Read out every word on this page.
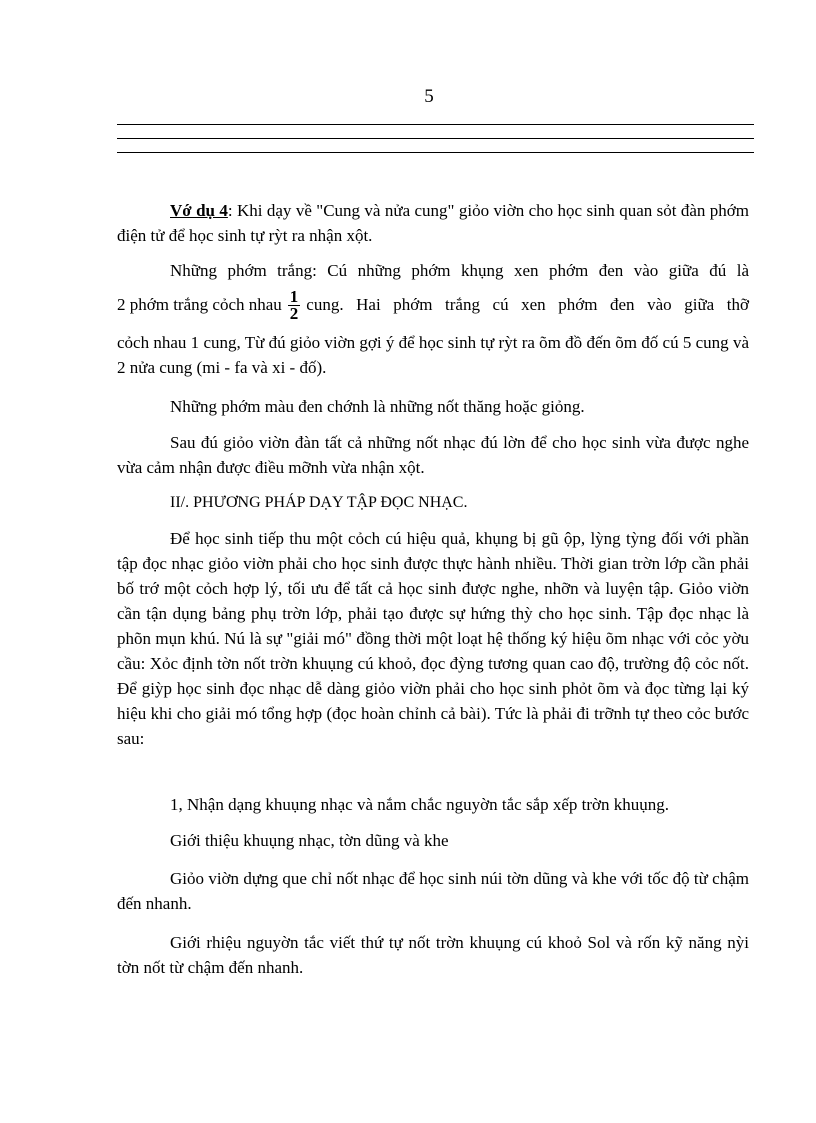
5

Vớ dụ 4: Khi dạy về "Cung và nửa cung" giỏo viờn cho học sinh quan sỏt đàn phớm điện tử để học sinh tự rỳt ra nhận xột.

Những phớm trắng: Cú những phớm khụng xen phớm đen vào giữa đú là

2 phớm trắng cỏch nhau $\frac{1}{2}$ cung. Hai phớm trắng cú xen phớm đen vào giữa thỡ

cỏch nhau 1 cung, Từ đú giỏo viờn gợi ý để học sinh tự rỳt ra õm đồ đến õm đố cú 5 cung và 2 nửa cung (mi - fa và xi - đố).

Những phớm màu đen chớnh là những nốt thăng hoặc giỏng.

Sau đú giỏo viờn đàn tất cả những nốt nhạc đú lờn để cho học sinh vừa được nghe vừa cảm nhận được điều mỡnh vừa nhận xột.

II/. PHƯƠNG PHÁP DẠY TẬP ĐỌC NHẠC.

Để học sinh tiếp thu một cỏch cú hiệu quả, khụng bị gũ ộp, lỳng tỳng đối với phần tập đọc nhạc giỏo viờn phải cho học sinh được thực hành nhiều. Thời gian trờn lớp cần phải bố trớ một cỏch hợp lý, tối ưu để tất cả học sinh được nghe, nhỡn và luyện tập. Giỏo viờn cần tận dụng bảng phụ trờn lớp, phải tạo được sự hứng thỳ cho học sinh. Tập đọc nhạc là phõn mụn khú. Nú là sự "giải mó" đồng thời một loạt hệ thống ký hiệu õm nhạc với cỏc yờu cầu: Xỏc định tờn nốt trờn khuụng cú khoỏ, đọc đỳng tương quan cao độ, trường độ cỏc nốt. Để giỳp học sinh đọc nhạc dễ dàng giỏo viờn phải cho học sinh phỏt õm và đọc từng lại ký hiệu khi cho giải mó tổng hợp (đọc hoàn chỉnh cả bài). Tức là phải đi trỡnh tự theo cỏc bước sau:

1, Nhận dạng khuụng nhạc và nắm chắc nguyờn tắc sắp xếp trờn khuụng.

Giới thiệu khuụng nhạc, tờn dũng và khe

Giỏo viờn dựng que chỉ nốt nhạc để học sinh núi tờn dũng và khe với tốc độ từ chậm đến nhanh.

Giới rhiệu nguyờn tắc viết thứ tự nốt trờn khuụng cú khoỏ Sol và rốn kỹ năng nỳi tờn nốt từ chậm đến nhanh.
